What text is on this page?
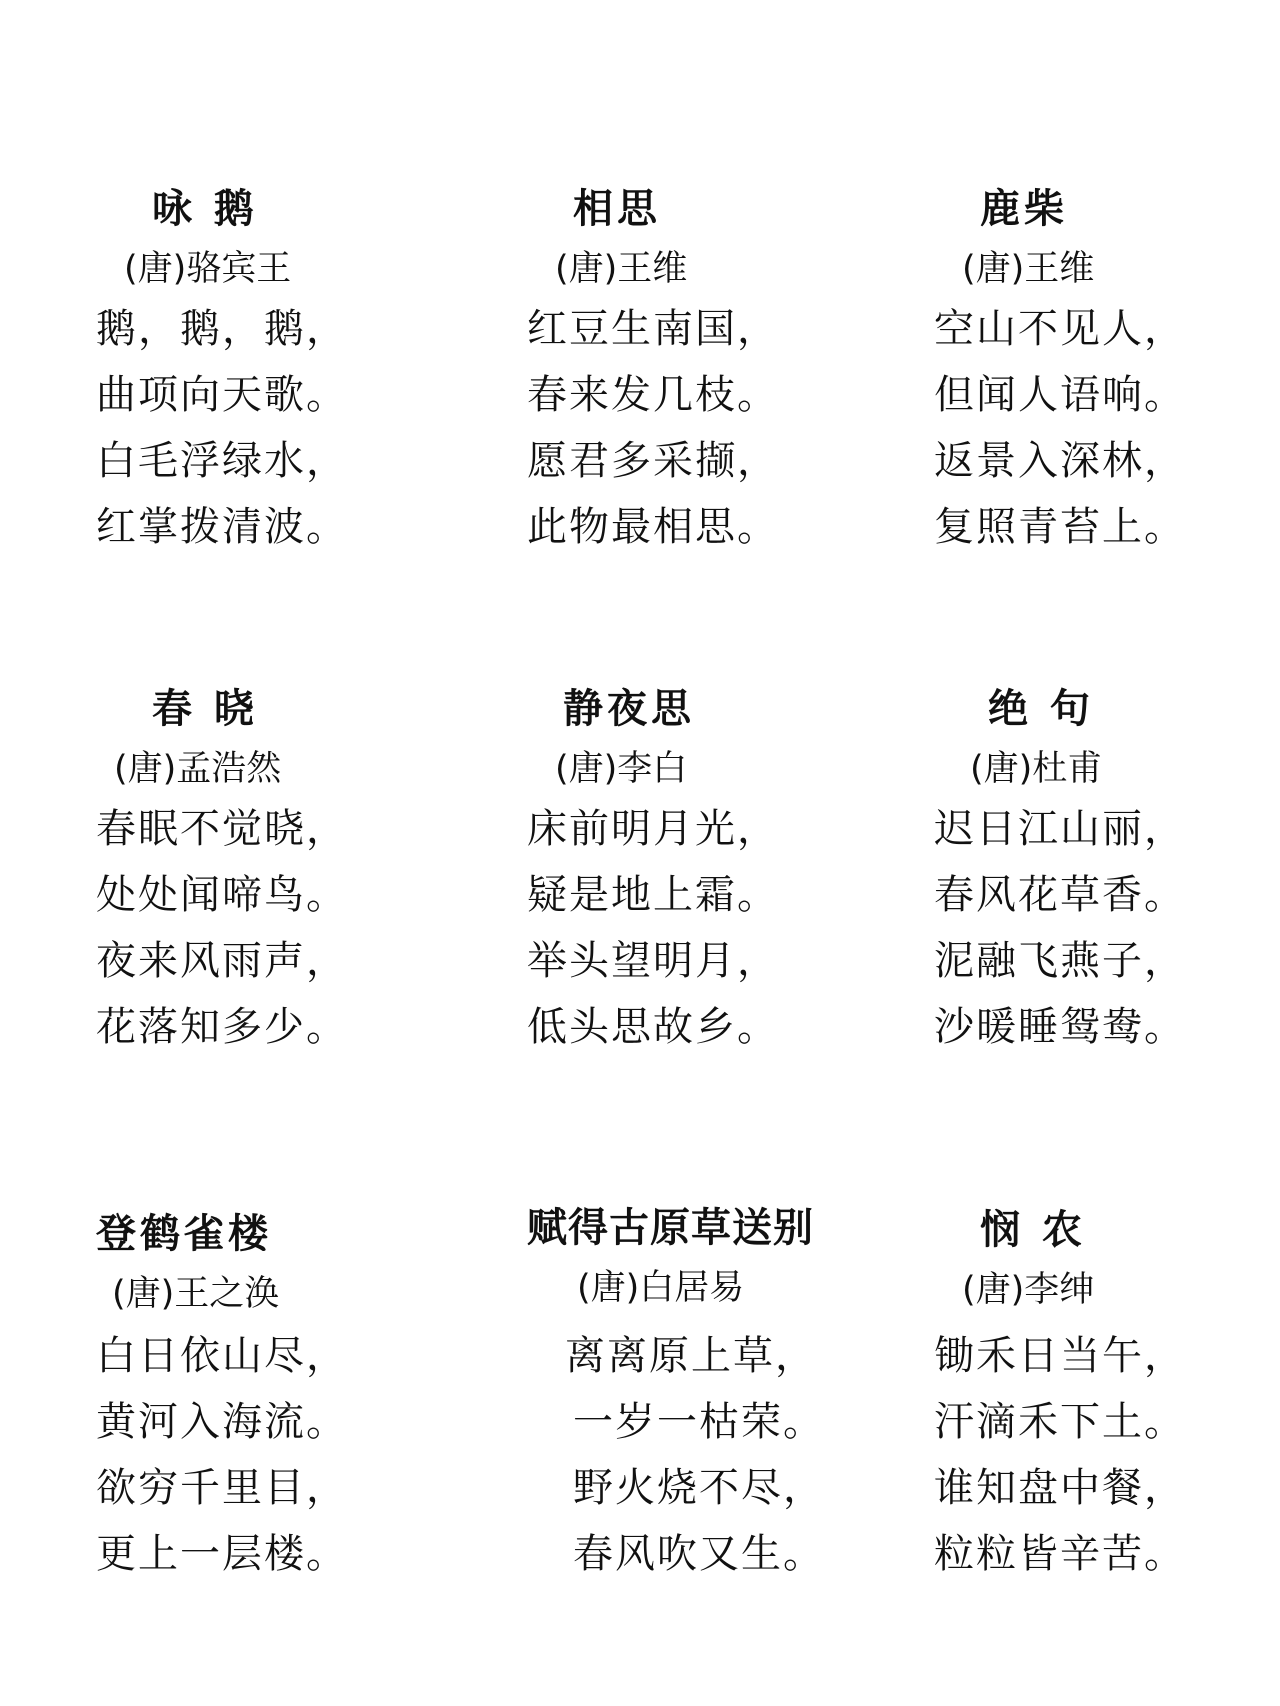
咏 鹅
(唐)骆宾王
鹅，鹅，鹅，
曲项向天歌。
白毛浮绿水，
红掌拨清波。
相思
(唐)王维
红豆生南国，
春来发几枝。
愿君多采撷，
此物最相思。
鹿柴
(唐)王维
空山不见人，
但闻人语响。
返景入深林，
复照青苔上。
春 晓
(唐)孟浩然
春眠不觉晓，
处处闻啼鸟。
夜来风雨声，
花落知多少。
静夜思
(唐)李白
床前明月光，
疑是地上霜。
举头望明月，
低头思故乡。
绝 句
(唐)杜甫
迟日江山丽，
春风花草香。
泥融飞燕子，
沙暖睡鸳鸯。
登鹤雀楼
(唐)王之涣
白日依山尽，
黄河入海流。
欲穷千里目，
更上一层楼。
赋得古原草送别
(唐)白居易
离离原上草，
一岁一枯荣。
野火烧不尽，
春风吹又生。
悯 农
(唐)李绅
锄禾日当午，
汗滴禾下土。
谁知盘中餐，
粒粒皆辛苦。
